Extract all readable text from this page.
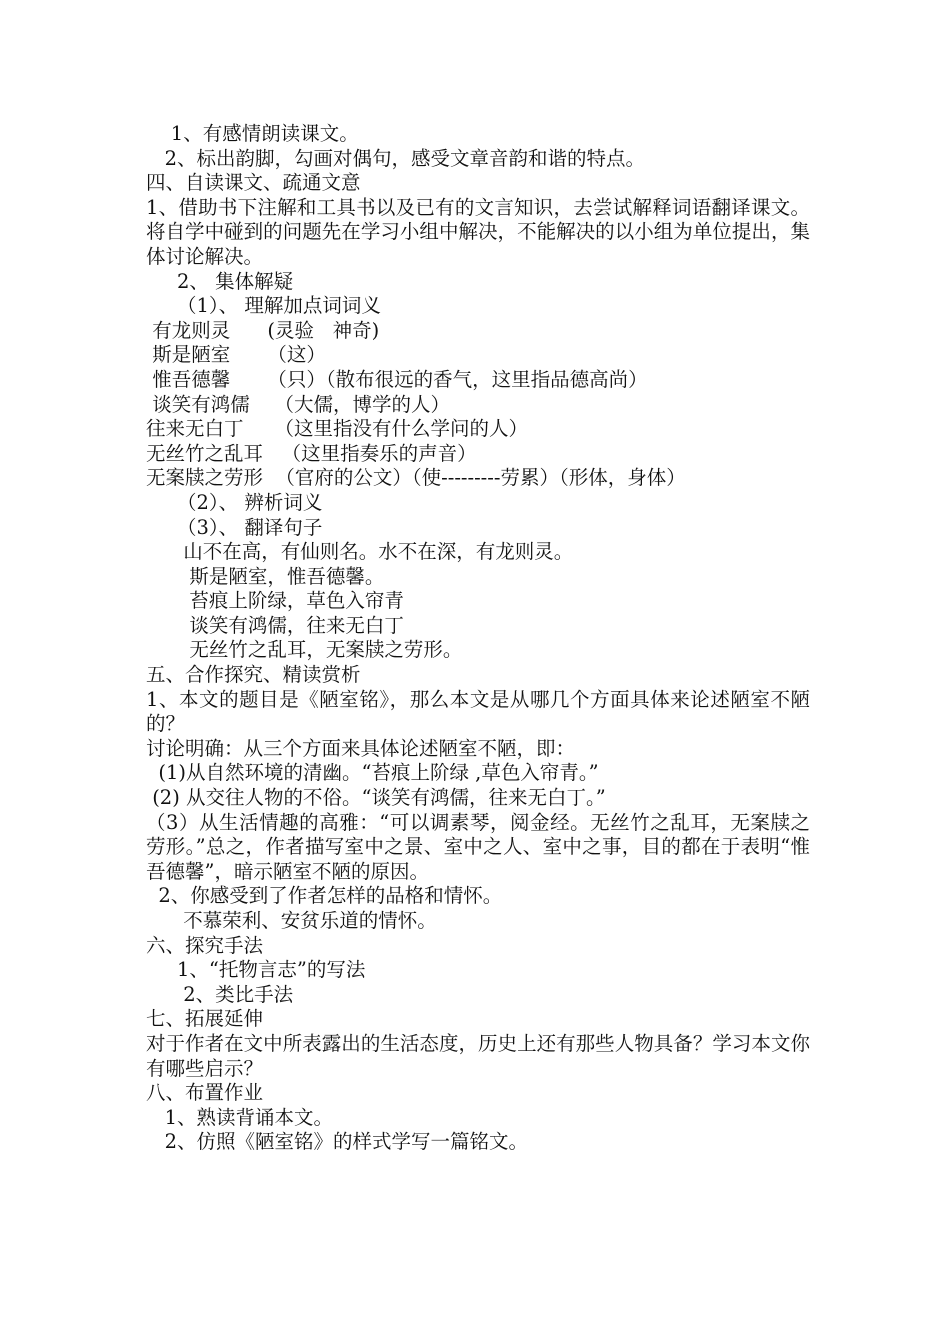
1、有感情朗读课文。
2、标出韵脚，勾画对偶句，感受文章音韵和谐的特点。
四、自读课文、疏通文意
1、借助书下注解和工具书以及已有的文言知识，去尝试解释词语翻译课文。将自学中碰到的问题先在学习小组中解决，不能解决的以小组为单位提出，集体讨论解决。
2、 集体解疑
（1）、 理解加点词词义
有龙则灵      (灵验   神奇)
斯是陋室      （这）
惟吾德馨      （只）（散布很远的香气，这里指品德高尚）
谈笑有鸿儒    （大儒，博学的人）
往来无白丁     （这里指没有什么学问的人）
无丝竹之乱耳   （这里指奏乐的声音）
无案牍之劳形  （官府的公文）（使---------劳累）（形体，身体）
（2）、 辨析词义
（3）、 翻译句子
山不在高，有仙则名。水不在深，有龙则灵。
斯是陋室，惟吾德馨。
苔痕上阶绿，草色入帘青
谈笑有鸿儒，往来无白丁
无丝竹之乱耳，无案牍之劳形。
五、合作探究、精读赏析
1、本文的题目是《陋室铭》，那么本文是从哪几个方面具体来论述陋室不陋的？
讨论明确：从三个方面来具体论述陋室不陋，即：
(1)从自然环境的清幽。“苔痕上阶绿 ,草色入帘青。”
(2) 从交往人物的不俗。“谈笑有鸿儒，往来无白丁。”
（3）从生活情趣的高雅：“可以调素琴，阅金经。无丝竹之乱耳，无案牍之劳形。”总之，作者描写室中之景、室中之人、室中之事，目的都在于表明“惟吾德馨”，暗示陋室不陋的原因。
2、你感受到了作者怎样的品格和情怀。
不慕荣利、安贫乐道的情怀。
六、探究手法
1、“托物言志”的写法
2、类比手法
七、拓展延伸
对于作者在文中所表露出的生活态度，历史上还有那些人物具备？学习本文你有哪些启示？
八、布置作业
1、熟读背诵本文。
2、仿照《陋室铭》的样式学写一篇铭文。
